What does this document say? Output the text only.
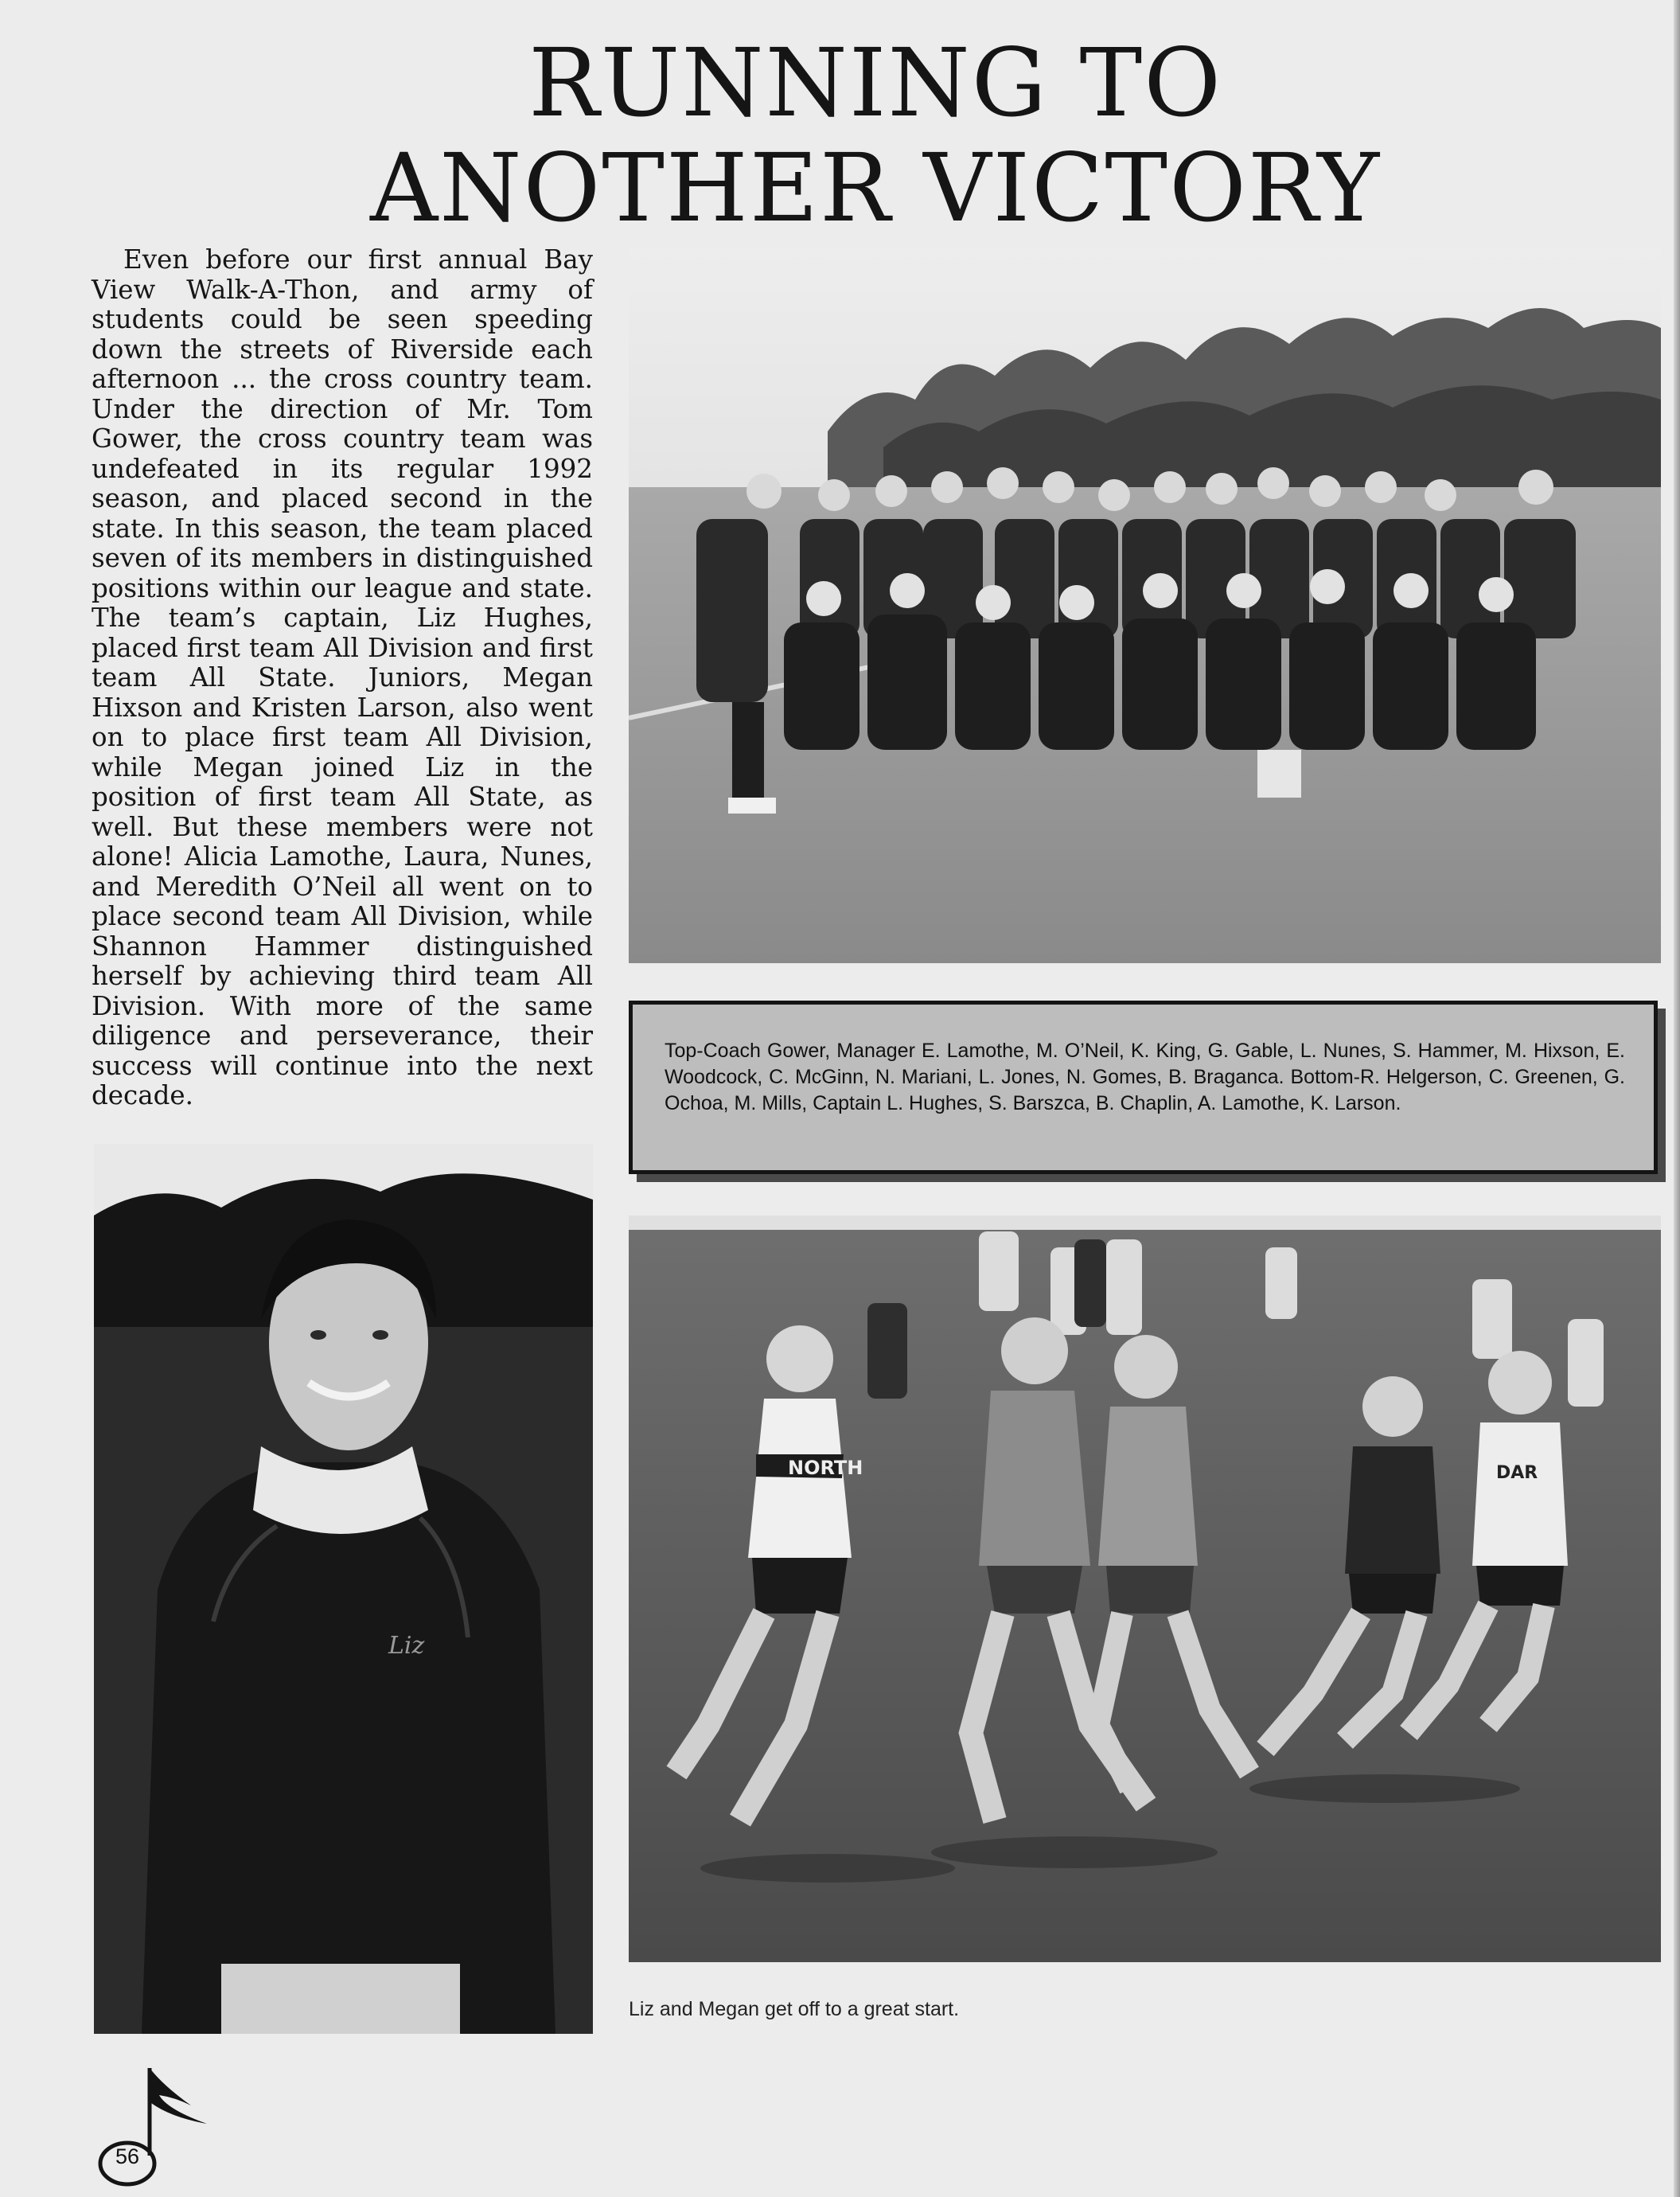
RUNNING TO ANOTHER VICTORY

Even before our first annual Bay View Walk-A-Thon, and army of students could be seen speeding down the streets of Riverside each afternoon ... the cross country team. Under the direction of Mr. Tom Gower, the cross country team was undefeated in its regular 1992 season, and placed second in the state. In this season, the team placed seven of its members in distinguished positions within our league and state. The team’s captain, Liz Hughes, placed first team All Division and first team All State. Juniors, Megan Hixson and Kristen Larson, also went on to place first team All Division, while Megan joined Liz in the position of first team All State, as well. But these members were not alone! Alicia Lamothe, Laura, Nunes, and Meredith O’Neil all went on to place second team All Division, while Shannon Hammer distinguished herself by achieving third team All Division. With more of the same diligence and perseverance, their success will continue into the next decade.

Top-Coach Gower, Manager E. Lamothe, M. O’Neil, K. King, G. Gable, L. Nunes, S. Hammer, M. Hixson, E. Woodcock, C. McGinn, N. Mariani, L. Jones, N. Gomes, B. Braganca. Bottom-R. Helgerson, C. Greenen, G. Ochoa, M. Mills, Captain L. Hughes, S. Barszca, B. Chaplin, A. Lamothe, K. Larson.

Liz
NORTH	DAR

Liz and Megan get off to a great start.

56
